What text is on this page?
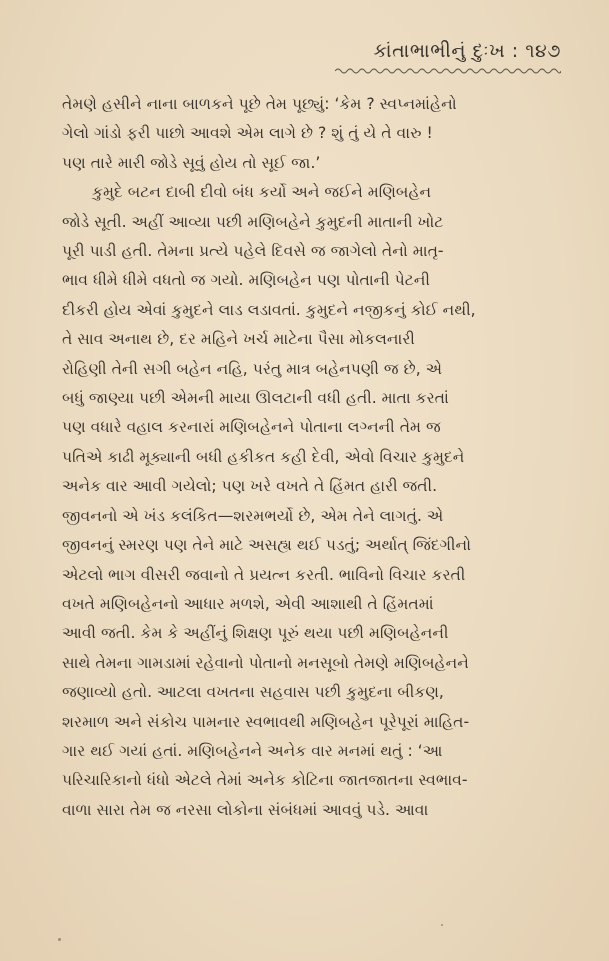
કાંતાભાભીનું દુઃખ : ૧૪૭
તેમણે હસીને નાના બાળકને પૂછે તેમ પૂછ્યું: ‘કેમ ? સ્વપ્નમાંહેનો
ગેલો ગાંડો ફરી પાછો આવશે એમ લાગે છે ? શું તું યે તે વારુ !
પણ તારે મારી જોડે સૂવું હોય તો સૂઈ જા.’
કુમુદે બટન દાબી દીવો બંધ કર્યો અને જઈને મણિબહેન
જોડે સૂતી. અહીં આવ્યા પછી મણિબહેને કુમુદની માતાની ખોટ
પૂરી પાડી હતી. તેમના પ્રત્યે પહેલે દિવસે જ જાગેલો તેનો માતૃ-
ભાવ ધીમે ધીમે વધતો જ ગયો. મણિબહેન પણ પોતાની પેટની
દીકરી હોય એવાં કુમુદને લાડ લડાવતાં. કુમુદને નજીકનું કોઈ નથી,
તે સાવ અનાથ છે, દર મહિને ખર્ચ માટેના પૈસા મોકલનારી
રોહિણી તેની સગી બહેન નહિ, પરંતુ માત્ર બહેનપણી જ છે, એ
બધું જાણ્યા પછી એમની માયા ઊલટાની વધી હતી. માતા કરતાં
પણ વધારે વહાલ કરનારાં મણિબહેનને પોતાના લગ્નની તેમ જ
પતિએ કાઢી મૂક્યાની બધી હકીકત કહી દેવી, એવો વિચાર કુમુદને
અનેક વાર આવી ગયેલો; પણ ખરે વખતે તે હિંમત હારી જતી.
જીવનનો એ ખંડ કલંકિત—શરમભર્યો છે, એમ તેને લાગતું. એ
જીવનનું સ્મરણ પણ તેને માટે અસહ્ય થઈ પડતું; અર્થાત્ જિંદગીનો
એટલો ભાગ વીસરી જવાનો તે પ્રયત્ન કરતી. ભાવિનો વિચાર કરતી
વખતે મણિબહેનનો આધાર મળશે, એવી આશાથી તે હિંમતમાં
આવી જતી. કેમ કે અહીંનું શિક્ષણ પૂરું થયા પછી મણિબહેનની
સાથે તેમના ગામડામાં રહેવાનો પોતાનો મનસૂબો તેમણે મણિબહેનને
જણાવ્યો હતો. આટલા વખતના સહવાસ પછી કુમુદના બીકણ,
શરમાળ અને સંકોચ પામનાર સ્વભાવથી મણિબહેન પૂરેપૂરાં માહિત-
ગાર થઈ ગયાં હતાં. મણિબહેનને અનેક વાર મનમાં થતું : ‘આ
પરિચારિકાનો ધંધો એટલે તેમાં અનેક કોટિના જાતજાતના સ્વભાવ-
વાળા સારા તેમ જ નરસા લોકોના સંબંધમાં આવવું પડે. આવા
